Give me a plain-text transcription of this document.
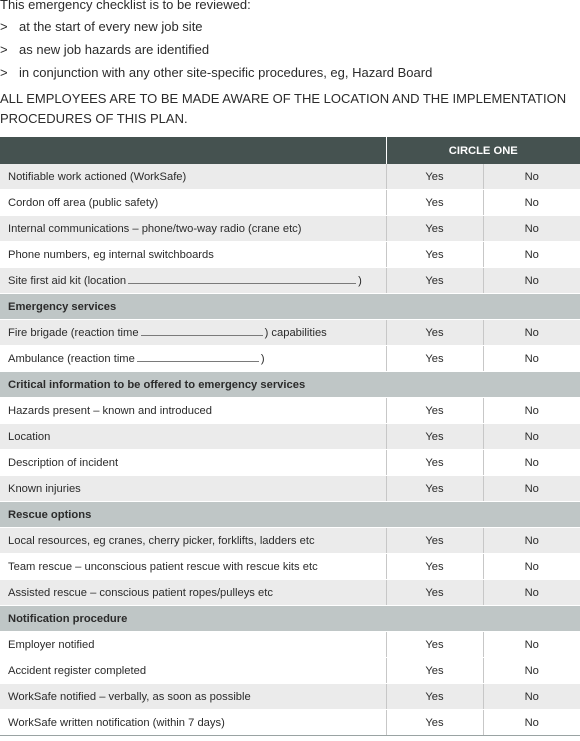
This emergency checklist is to be reviewed:
> at the start of every new job site
> as new job hazards are identified
> in conjunction with any other site-specific procedures, eg, Hazard Board
ALL EMPLOYEES ARE TO BE MADE AWARE OF THE LOCATION AND THE IMPLEMENTATION PROCEDURES OF THIS PLAN.
	CIRCLE ONE	
Notifiable work actioned (WorkSafe)	Yes	No
Cordon off area (public safety)	Yes	No
Internal communications – phone/two-way radio (crane etc)	Yes	No
Phone numbers, eg internal switchboards	Yes	No
Site first aid kit (location )	Yes	No
Emergency services		
Fire brigade (reaction time ) capabilities	Yes	No
Ambulance (reaction time )	Yes	No
Critical information to be offered to emergency services		
Hazards present – known and introduced	Yes	No
Location	Yes	No
Description of incident	Yes	No
Known injuries	Yes	No
Rescue options		
Local resources, eg cranes, cherry picker, forklifts, ladders etc	Yes	No
Team rescue – unconscious patient rescue with rescue kits etc	Yes	No
Assisted rescue – conscious patient ropes/pulleys etc	Yes	No
Notification procedure		
Employer notified	Yes	No
Accident register completed	Yes	No
WorkSafe notified – verbally, as soon as possible	Yes	No
WorkSafe written notification (within 7 days)	Yes	No
